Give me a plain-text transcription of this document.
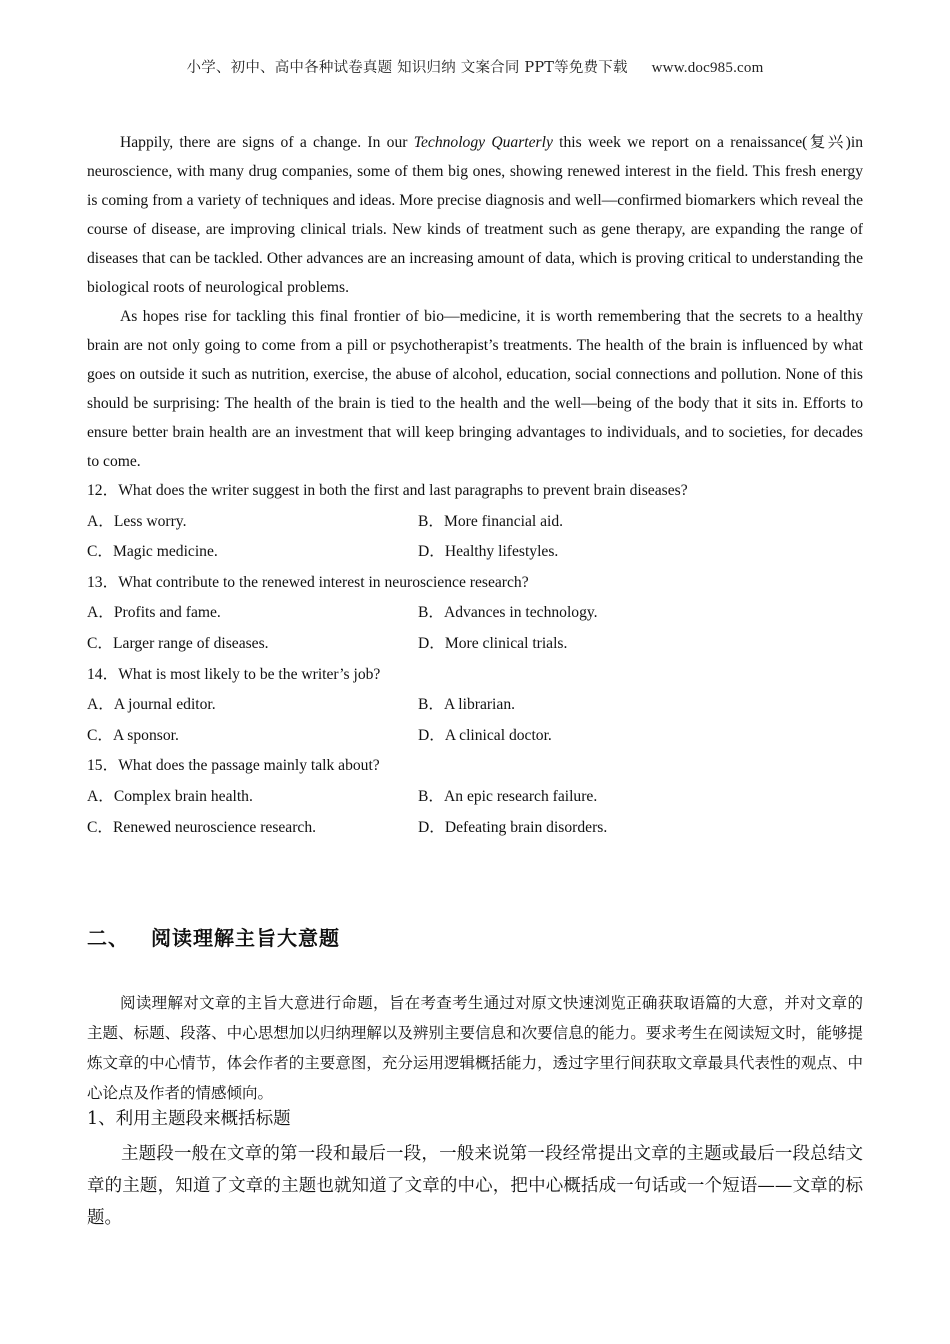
小学、初中、高中各种试卷真题 知识归纳 文案合同 PPT等免费下载 www.doc985.com

Happily, there are signs of a change. In our Technology Quarterly this week we report on a renaissance(复兴)in neuroscience, with many drug companies, some of them big ones, showing renewed interest in the field. This fresh energy is coming from a variety of techniques and ideas. More precise diagnosis and well—confirmed biomarkers which reveal the course of disease, are improving clinical trials. New kinds of treatment such as gene therapy, are expanding the range of diseases that can be tackled. Other advances are an increasing amount of data, which is proving critical to understanding the biological roots of neurological problems.

As hopes rise for tackling this final frontier of bio—medicine, it is worth remembering that the secrets to a healthy brain are not only going to come from a pill or psychotherapist’s treatments. The health of the brain is influenced by what goes on outside it such as nutrition, exercise, the abuse of alcohol, education, social connections and pollution. None of this should be surprising: The health of the brain is tied to the health and the well—being of the body that it sits in. Efforts to ensure better brain health are an investment that will keep bringing advantages to individuals, and to societies, for decades to come.

12．What does the writer suggest in both the first and last paragraphs to prevent brain diseases?

A．Less worry.	B．More financial aid.
C．Magic medicine.	D．Healthy lifestyles.

13．What contribute to the renewed interest in neuroscience research?

A．Profits and fame.	B．Advances in technology.
C．Larger range of diseases.	D．More clinical trials.

14．What is most likely to be the writer’s job?

A．A journal editor.	B．A librarian.
C．A sponsor.	D．A clinical doctor.

15．What does the passage mainly talk about?

A．Complex brain health.	B．An epic research failure.
C．Renewed neuroscience research.	D．Defeating brain disorders.
二、 阅读理解主旨大意题

阅读理解对文章的主旨大意进行命题，旨在考查考生通过对原文快速浏览正确获取语篇的大意，并对文章的主题、标题、段落、中心思想加以归纳理解以及辨别主要信息和次要信息的能力。要求考生在阅读短文时，能够提炼文章的中心情节，体会作者的主要意图，充分运用逻辑概括能力，透过字里行间获取文章最具代表性的观点、中心论点及作者的情感倾向。

1、利用主题段来概括标题

主题段一般在文章的第一段和最后一段，一般来说第一段经常提出文章的主题或最后一段总结文章的主题，知道了文章的主题也就知道了文章的中心，把中心概括成一句话或一个短语——文章的标题。
